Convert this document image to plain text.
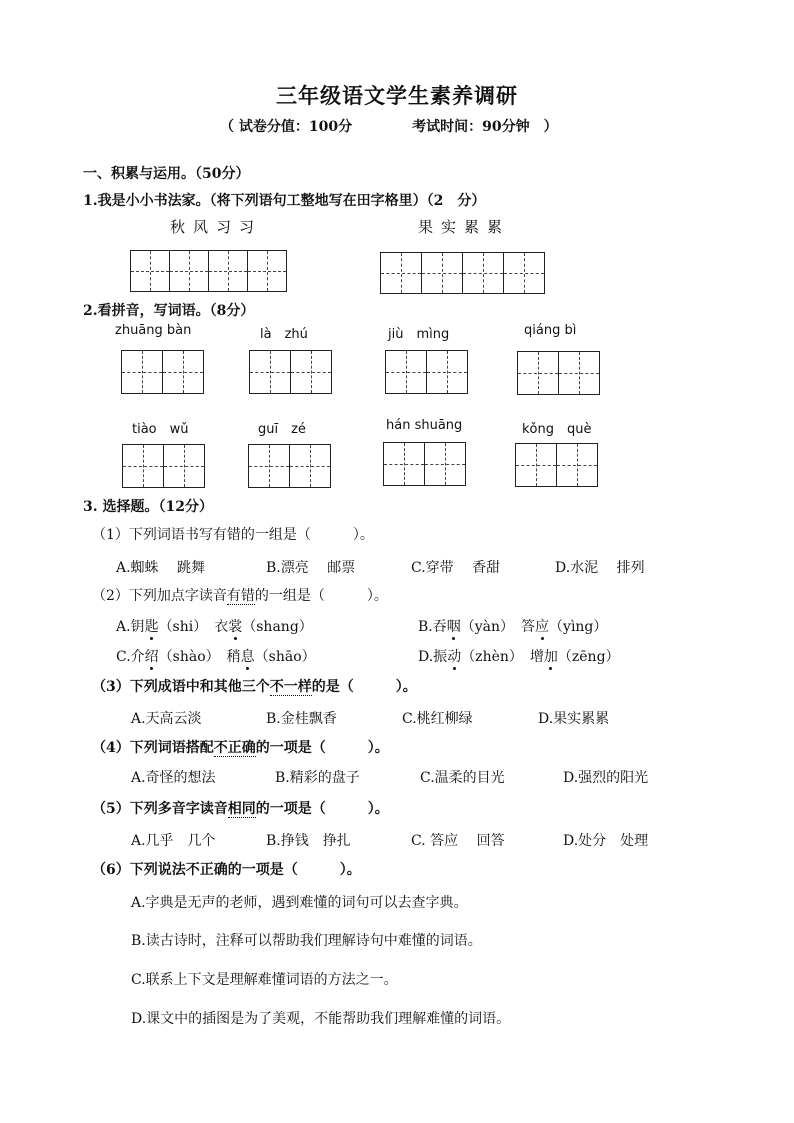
三年级语文学生素养调研
（ 试卷分值：100分	考试时间：90分钟　）
一、积累与运用。（50分）
1.我是小小书法家。（将下列语句工整地写在田字格里）（2　分）
秋风习习	果实累累
2.看拼音，写词语。（8分）
zhuāng bàn	là　zhú	jiù　mìng	qiáng bì
tiào　wǔ	guī　zé	hán shuāng	kǒng　què
3. 选择题。（12分）
（1）下列词语书写有错的一组是（　　　）。
A.蜘蛛　 跳舞	B.漂亮　 邮票	C.穿带　 香甜	D.水泥　 排列
（2）下列加点字读音有错的一组是（　　　）。
A.钥匙（shi）　衣裳（shang）	B.吞咽（yàn）　答应（yìng）
C.介绍（shào）　稍息（shāo）	D.振动（zhèn）　增加（zēng）
（3）下列成语中和其他三个不一样的是（　　　）。
A.天高云淡	B.金桂飘香	C.桃红柳绿	D.果实累累
（4）下列词语搭配不正确的一项是（　　　）。
A.奇怪的想法	B.精彩的盘子	C.温柔的目光	D.强烈的阳光
（5）下列多音字读音相同的一项是（　　　）。
A.几乎　几个	B.挣钱　挣扎	C. 答应　 回答	D.处分　处理
（6）下列说法不正确的一项是（　　　）。
A.字典是无声的老师，遇到难懂的词句可以去查字典。
B.读古诗时，注释可以帮助我们理解诗句中难懂的词语。
C.联系上下文是理解难懂词语的方法之一。
D.课文中的插图是为了美观，不能帮助我们理解难懂的词语。
